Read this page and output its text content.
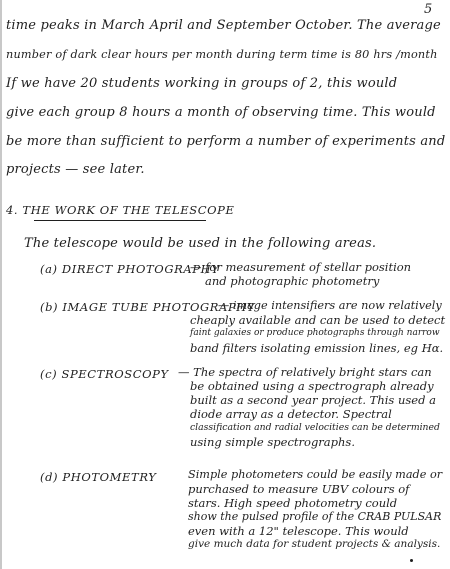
5
time peaks in March April and September October. The average
number of dark clear hours per month during term time is 80 hrs /month
If we have 20 students working in groups of 2, this would
give each group 8 hours a month of observing time. This would
be more than sufficient to perform a number of experiments and
projects — see later.
4. THE WORK OF THE TELESCOPE
The telescope would be used in the following areas.
(a) DIRECT PHOTOGRAPHY
— for measurement of stellar position
and photographic photometry
(b) IMAGE TUBE PHOTOGRAPHY
— image intensifiers are now relatively
cheaply available and can be used to detect
faint galaxies or produce photographs through narrow
band filters isolating emission lines, eg Hα.
(c) SPECTROSCOPY — The spectra of relatively bright stars can
be obtained using a spectrograph already
built as a second year project. This used a
diode array as a detector. Spectral
classification and radial velocities can be determined
using simple spectrographs.
(d) PHOTOMETRY	Simple photometers could be easily made or
purchased to measure UBV colours of
stars. High speed photometry could
show the pulsed profile of the CRAB PULSAR
even with a 12" telescope. This would
give much data for student projects & analysis.
